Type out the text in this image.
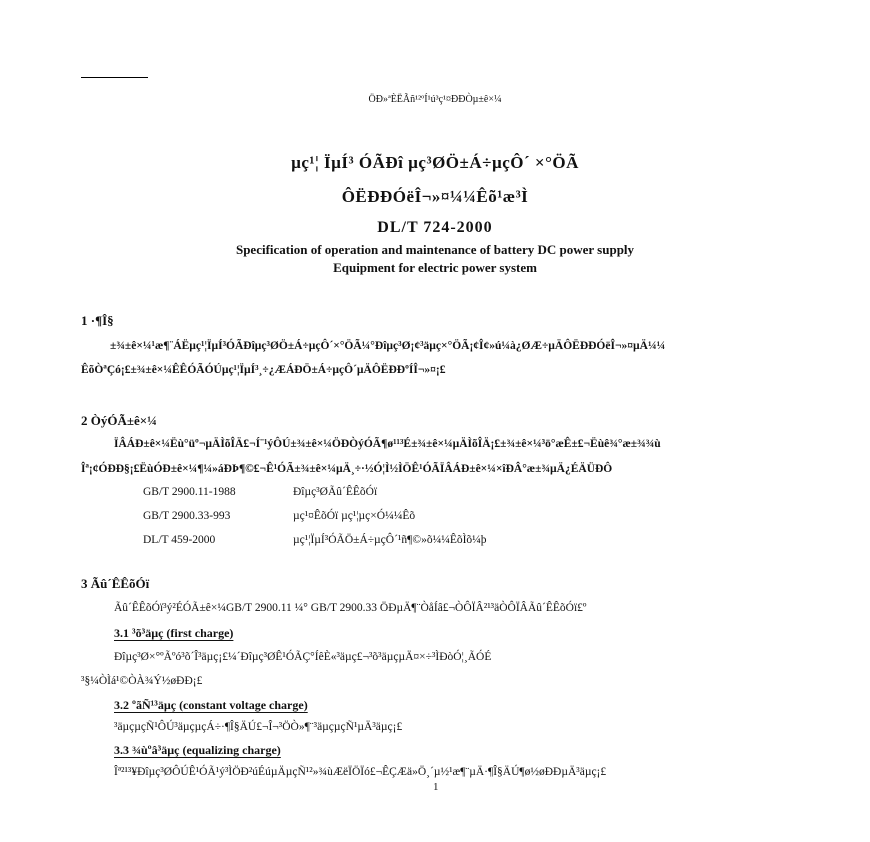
ÖÐ»ªÈËÃñ¹²ºÍ¹ú³ç¹¤ÐÐÒµ±ê×¼
µç¹¦ ÏµÍ³ ÓÃÐî µç³ØÖ±Á÷µçÔ´ ×°ÖÃ
ÔËÐÐÓëÎ¬»¤¼¼Êõ¹æ³Ì
DL/T 724-2000
Specification of operation and maintenance of battery DC power supply
Equipment for electric power system
1 ·¶Î§
±¾±ê×¼¹æ¶¨ÁËµç¹¦ÏµÍ³ÓÃÐîµç³ØÖ±Á÷µçÔ´×°ÖÃ¼°Ðîµç³Ø¡¢³äµç×°ÖÃ¡¢Î¢»ú¼à¿ØÆ÷µÄÔËÐÐÓëÎ¬»¤µÄ¼¼
ÊõÒªÇó¡£±¾±ê×¼ÊÊÓÃÓÚµç¹¦ÏµÍ³¸÷¿ÆÁÐÖ±Á÷µçÔ´µÄÔËÐÐºÍÎ¬»¤¡£
2 ÒýÓÃ±ê×¼
ÏÂÁÐ±ê×¼Ëù°üº¬µÄÌõÎÄ£¬Í¨¹ýÔÚ±¾±ê×¼ÖÐÒýÓÃ¶ø¹¹³É±¾±ê×¼µÄÌõÎÄ¡£±¾±ê×¼³ö°æÊ±£¬Ëùê¾°æ±¾¾ù
Îª¡¢ÓÐÐ§¡£ËùÓÐ±ê×¼¶¼»áÐÞ¶©£¬Ê¹ÓÃ±¾±ê×¼µÄ¸÷·½Ó¦Ì½ÌÖÊ¹ÓÃÏÂÁÐ±ê×¼×îÐÂ°æ±¾µÄ¿ÉÄÜÐÔ
GB/T 2900.11-1988	Ðîµç³ØÃû´ÊÊõÓï
GB/T 2900.33-993	µç¹¤ÊõÓï µç¹¦µç×Ó¼¼Êõ
DL/T 459-2000	µç¹¦ÏµÍ³ÓÃÖ±Á÷µçÔ´¹ñ¶©»õ¼¼ÊõÌõ¼þ
3 Ãû´ÊÊõÓï
Ãû´ÊÊõÓï³ý²ÉÓÃ±ê×¼GB/T 2900.11 ¼° GB/T 2900.33 ÖÐµÄ¶¨ÒåÍâ£¬ÒÔÏÂ²¹³äÒÔÏÂÃû´ÊÊõÓï£º
3.1 ³õ³äµç (first charge)
Ðîµç³Ø×°ºÃºó³õ´Î³äµç¡£¼´Ðîµç³ØÊ¹ÓÃÇ°ÍêÈ«³äµç£¬³õ³äµçµÄ¤×÷³ÌÐòÓ¦¸ÃÓÉ
³§¼ÒÌá¹©ÒÀ¾Ý½øÐÐ¡£
3.2 ºãÑ¹³äµç (constant voltage charge)
³äµçµçÑ¹ÔÚ³äµçµçÁ÷·¶Î§ÄÚ£¬Î¬³ÖÒ»¶¨³äµçµçÑ¹µÄ³äµç¡£
3.3 ¾ùºâ³äµç (equalizing charge)
Îª²¹³¥Ðîµç³ØÔÚÊ¹ÓÃ¹ý³ÌÖÐ²úÉúµÄµçÑ¹²»¾ùÆëÏÖÏó£¬ÊÇÆä»Ö¸´µ½¹æ¶¨µÄ·¶Î§ÄÚ¶ø½øÐÐµÄ³äµç¡£
1
